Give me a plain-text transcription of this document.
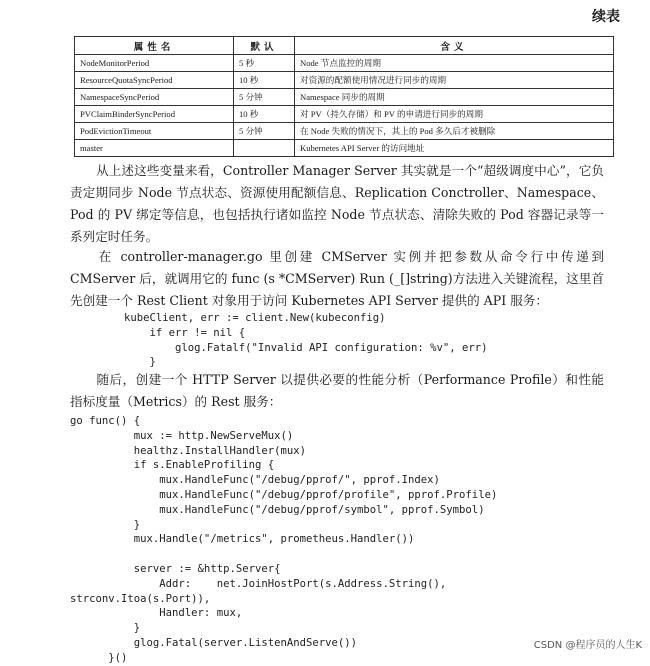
续表
属性名	默认	含义
NodeMonitorPeriod	5 秒	Node 节点监控的周期
ResourceQuotaSyncPeriod	10 秒	对资源的配额使用情况进行同步的周期
NamespaceSyncPeriod	5 分钟	Namespace 同步的周期
PVClaimBinderSyncPeriod	10 秒	对 PV（持久存储）和 PV 的申请进行同步的周期
PodEvictionTimeout	5 分钟	在 Node 失败的情况下，其上的 Pod 多久后才被删除
master		Kubernetes API Server 的访问地址

从上述这些变量来看，Controller Manager Server 其实就是一个“超级调度中心”，它负责定期同步 Node 节点状态、资源使用配额信息、Replication Conctroller、Namespace、Pod 的 PV 绑定等信息，也包括执行诸如监控 Node 节点状态、清除失败的 Pod 容器记录等一系列定时任务。

在 controller-manager.go 里创建 CMServer 实例并把参数从命令行中传递到 CMServer 后，就调用它的 func (s *CMServer) Run (_[]string)方法进入关键流程，这里首先创建一个 Rest Client 对象用于访问 Kubernetes API Server 提供的 API 服务：

kubeClient, err := client.New(kubeconfig)
if err != nil {
glog.Fatalf("Invalid API configuration: %v", err)
}

随后，创建一个 HTTP Server 以提供必要的性能分析（Performance Profile）和性能指标度量（Metrics）的 Rest 服务：

go func() {
mux := http.NewServeMux()
healthz.InstallHandler(mux)
if s.EnableProfiling {
mux.HandleFunc("/debug/pprof/", pprof.Index)
mux.HandleFunc("/debug/pprof/profile", pprof.Profile)
mux.HandleFunc("/debug/pprof/symbol", pprof.Symbol)
}
mux.Handle("/metrics", prometheus.Handler())

server := &http.Server{
Addr:    net.JoinHostPort(s.Address.String(),
strconv.Itoa(s.Port)),
Handler: mux,
}
glog.Fatal(server.ListenAndServe())
}()
CSDN @程序员的人生K
